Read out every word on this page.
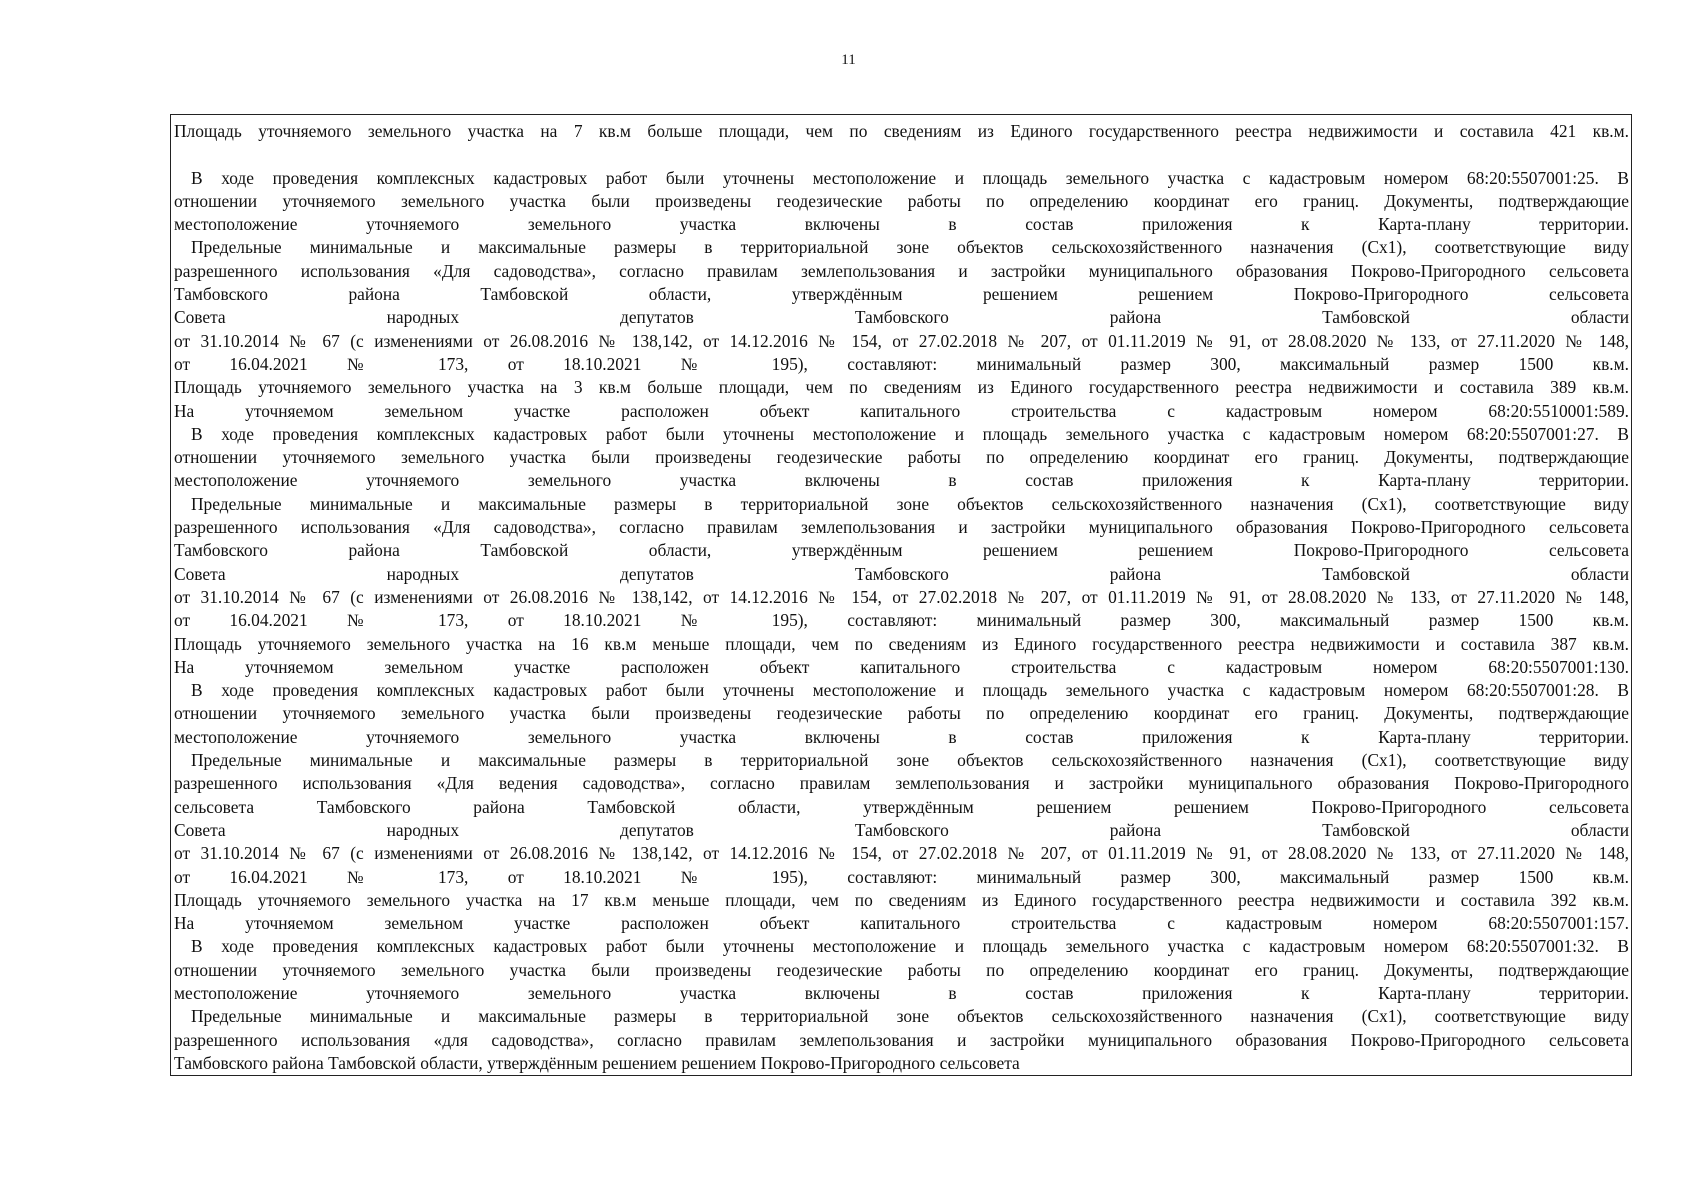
11
Площадь уточняемого земельного участка на 7 кв.м больше площади, чем по сведениям из Единого государственного реестра недвижимости и составила 421 кв.м.
В ходе проведения комплексных кадастровых работ были уточнены местоположение и площадь земельного участка с кадастровым номером 68:20:5507001:25. В
отношении уточняемого земельного участка были произведены геодезические работы по определению координат его границ. Документы, подтверждающие
местоположение уточняемого земельного участка включены в состав приложения к Карта-плану территории.
Предельные минимальные и максимальные размеры в территориальной зоне объектов сельскохозяйственного назначения (Сх1), соответствующие виду
разрешенного использования «Для садоводства», согласно правилам землепользования и застройки муниципального образования Покрово-Пригородного сельсовета
Тамбовского района Тамбовской области, утверждённым решением решением Покрово-Пригородного сельсовета
Совета народных депутатов Тамбовского района Тамбовской области
от 31.10.2014 № 67 (с изменениями от 26.08.2016 № 138,142, от 14.12.2016 № 154, от 27.02.2018 № 207, от 01.11.2019 № 91, от 28.08.2020 № 133, от 27.11.2020 № 148,
от 16.04.2021 № 173, от 18.10.2021 № 195), составляют: минимальный размер 300, максимальный размер 1500 кв.м.
Площадь уточняемого земельного участка на 3 кв.м больше площади, чем по сведениям из Единого государственного реестра недвижимости и составила 389 кв.м.
На уточняемом земельном участке расположен объект капитального строительства с кадастровым номером 68:20:5510001:589.
В ходе проведения комплексных кадастровых работ были уточнены местоположение и площадь земельного участка с кадастровым номером 68:20:5507001:27. В
отношении уточняемого земельного участка были произведены геодезические работы по определению координат его границ. Документы, подтверждающие
местоположение уточняемого земельного участка включены в состав приложения к Карта-плану территории.
Предельные минимальные и максимальные размеры в территориальной зоне объектов сельскохозяйственного назначения (Сх1), соответствующие виду
разрешенного использования «Для садоводства», согласно правилам землепользования и застройки муниципального образования Покрово-Пригородного сельсовета
Тамбовского района Тамбовской области, утверждённым решением решением Покрово-Пригородного сельсовета
Совета народных депутатов Тамбовского района Тамбовской области
от 31.10.2014 № 67 (с изменениями от 26.08.2016 № 138,142, от 14.12.2016 № 154, от 27.02.2018 № 207, от 01.11.2019 № 91, от 28.08.2020 № 133, от 27.11.2020 № 148,
от 16.04.2021 № 173, от 18.10.2021 № 195), составляют: минимальный размер 300, максимальный размер 1500 кв.м.
Площадь уточняемого земельного участка на 16 кв.м меньше площади, чем по сведениям из Единого государственного реестра недвижимости и составила 387 кв.м.
На уточняемом земельном участке расположен объект капитального строительства с кадастровым номером 68:20:5507001:130.
В ходе проведения комплексных кадастровых работ были уточнены местоположение и площадь земельного участка с кадастровым номером 68:20:5507001:28. В
отношении уточняемого земельного участка были произведены геодезические работы по определению координат его границ. Документы, подтверждающие
местоположение уточняемого земельного участка включены в состав приложения к Карта-плану территории.
Предельные минимальные и максимальные размеры в территориальной зоне объектов сельскохозяйственного назначения (Сх1), соответствующие виду
разрешенного использования «Для ведения садоводства», согласно правилам землепользования и застройки муниципального образования Покрово-Пригородного
сельсовета Тамбовского района Тамбовской области, утверждённым решением решением Покрово-Пригородного сельсовета
Совета народных депутатов Тамбовского района Тамбовской области
от 31.10.2014 № 67 (с изменениями от 26.08.2016 № 138,142, от 14.12.2016 № 154, от 27.02.2018 № 207, от 01.11.2019 № 91, от 28.08.2020 № 133, от 27.11.2020 № 148,
от 16.04.2021 № 173, от 18.10.2021 № 195), составляют: минимальный размер 300, максимальный размер 1500 кв.м.
Площадь уточняемого земельного участка на 17 кв.м меньше площади, чем по сведениям из Единого государственного реестра недвижимости и составила 392 кв.м.
На уточняемом земельном участке расположен объект капитального строительства с кадастровым номером 68:20:5507001:157.
В ходе проведения комплексных кадастровых работ были уточнены местоположение и площадь земельного участка с кадастровым номером 68:20:5507001:32. В
отношении уточняемого земельного участка были произведены геодезические работы по определению координат его границ. Документы, подтверждающие
местоположение уточняемого земельного участка включены в состав приложения к Карта-плану территории.
Предельные минимальные и максимальные размеры в территориальной зоне объектов сельскохозяйственного назначения (Сх1), соответствующие виду
разрешенного использования «для садоводства», согласно правилам землепользования и застройки муниципального образования Покрово-Пригородного сельсовета
Тамбовского района Тамбовской области, утверждённым решением решением Покрово-Пригородного сельсовета
